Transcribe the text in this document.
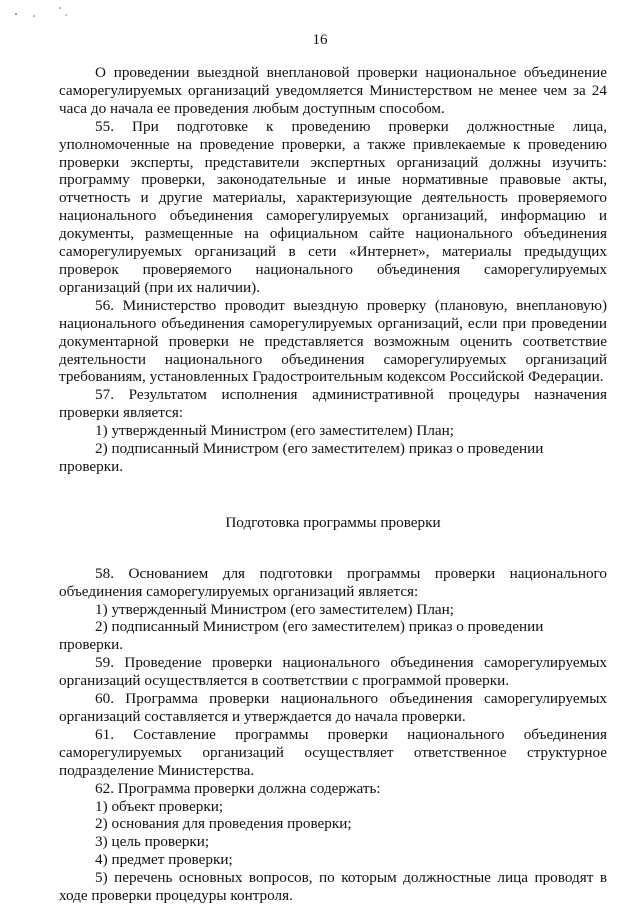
16

О проведении выездной внеплановой проверки национальное объединение саморегулируемых организаций уведомляется Министерством не менее чем за 24 часа до начала ее проведения любым доступным способом.

55. При подготовке к проведению проверки должностные лица, уполномоченные на проведение проверки, а также привлекаемые к проведению проверки эксперты, представители экспертных организаций должны изучить: программу проверки, законодательные и иные нормативные правовые акты, отчетность и другие материалы, характеризующие деятельность проверяемого национального объединения саморегулируемых организаций, информацию и документы, размещенные на официальном сайте национального объединения саморегулируемых организаций в сети «Интернет», материалы предыдущих проверок проверяемого национального объединения саморегулируемых организаций (при их наличии).

56. Министерство проводит выездную проверку (плановую, внеплановую) национального объединения саморегулируемых организаций, если при проведении документарной проверки не представляется возможным оценить соответствие деятельности национального объединения саморегулируемых организаций требованиям, установленных Градостроительным кодексом Российской Федерации.

57. Результатом исполнения административной процедуры назначения проверки является:

1) утвержденный Министром (его заместителем) План;

2) подписанный Министром (его заместителем) приказ о проведении проверки.

Подготовка программы проверки

58. Основанием для подготовки программы проверки национального объединения саморегулируемых организаций является:

1) утвержденный Министром (его заместителем) План;

2) подписанный Министром (его заместителем) приказ о проведении проверки.

59. Проведение проверки национального объединения саморегулируемых организаций осуществляется в соответствии с программой проверки.

60. Программа проверки национального объединения саморегулируемых организаций составляется и утверждается до начала проверки.

61. Составление программы проверки национального объединения саморегулируемых организаций осуществляет ответственное структурное подразделение Министерства.

62. Программа проверки должна содержать:

1) объект проверки;

2) основания для проведения проверки;

3) цель проверки;

4) предмет проверки;

5) перечень основных вопросов, по которым должностные лица проводят в ходе проверки процедуры контроля.
